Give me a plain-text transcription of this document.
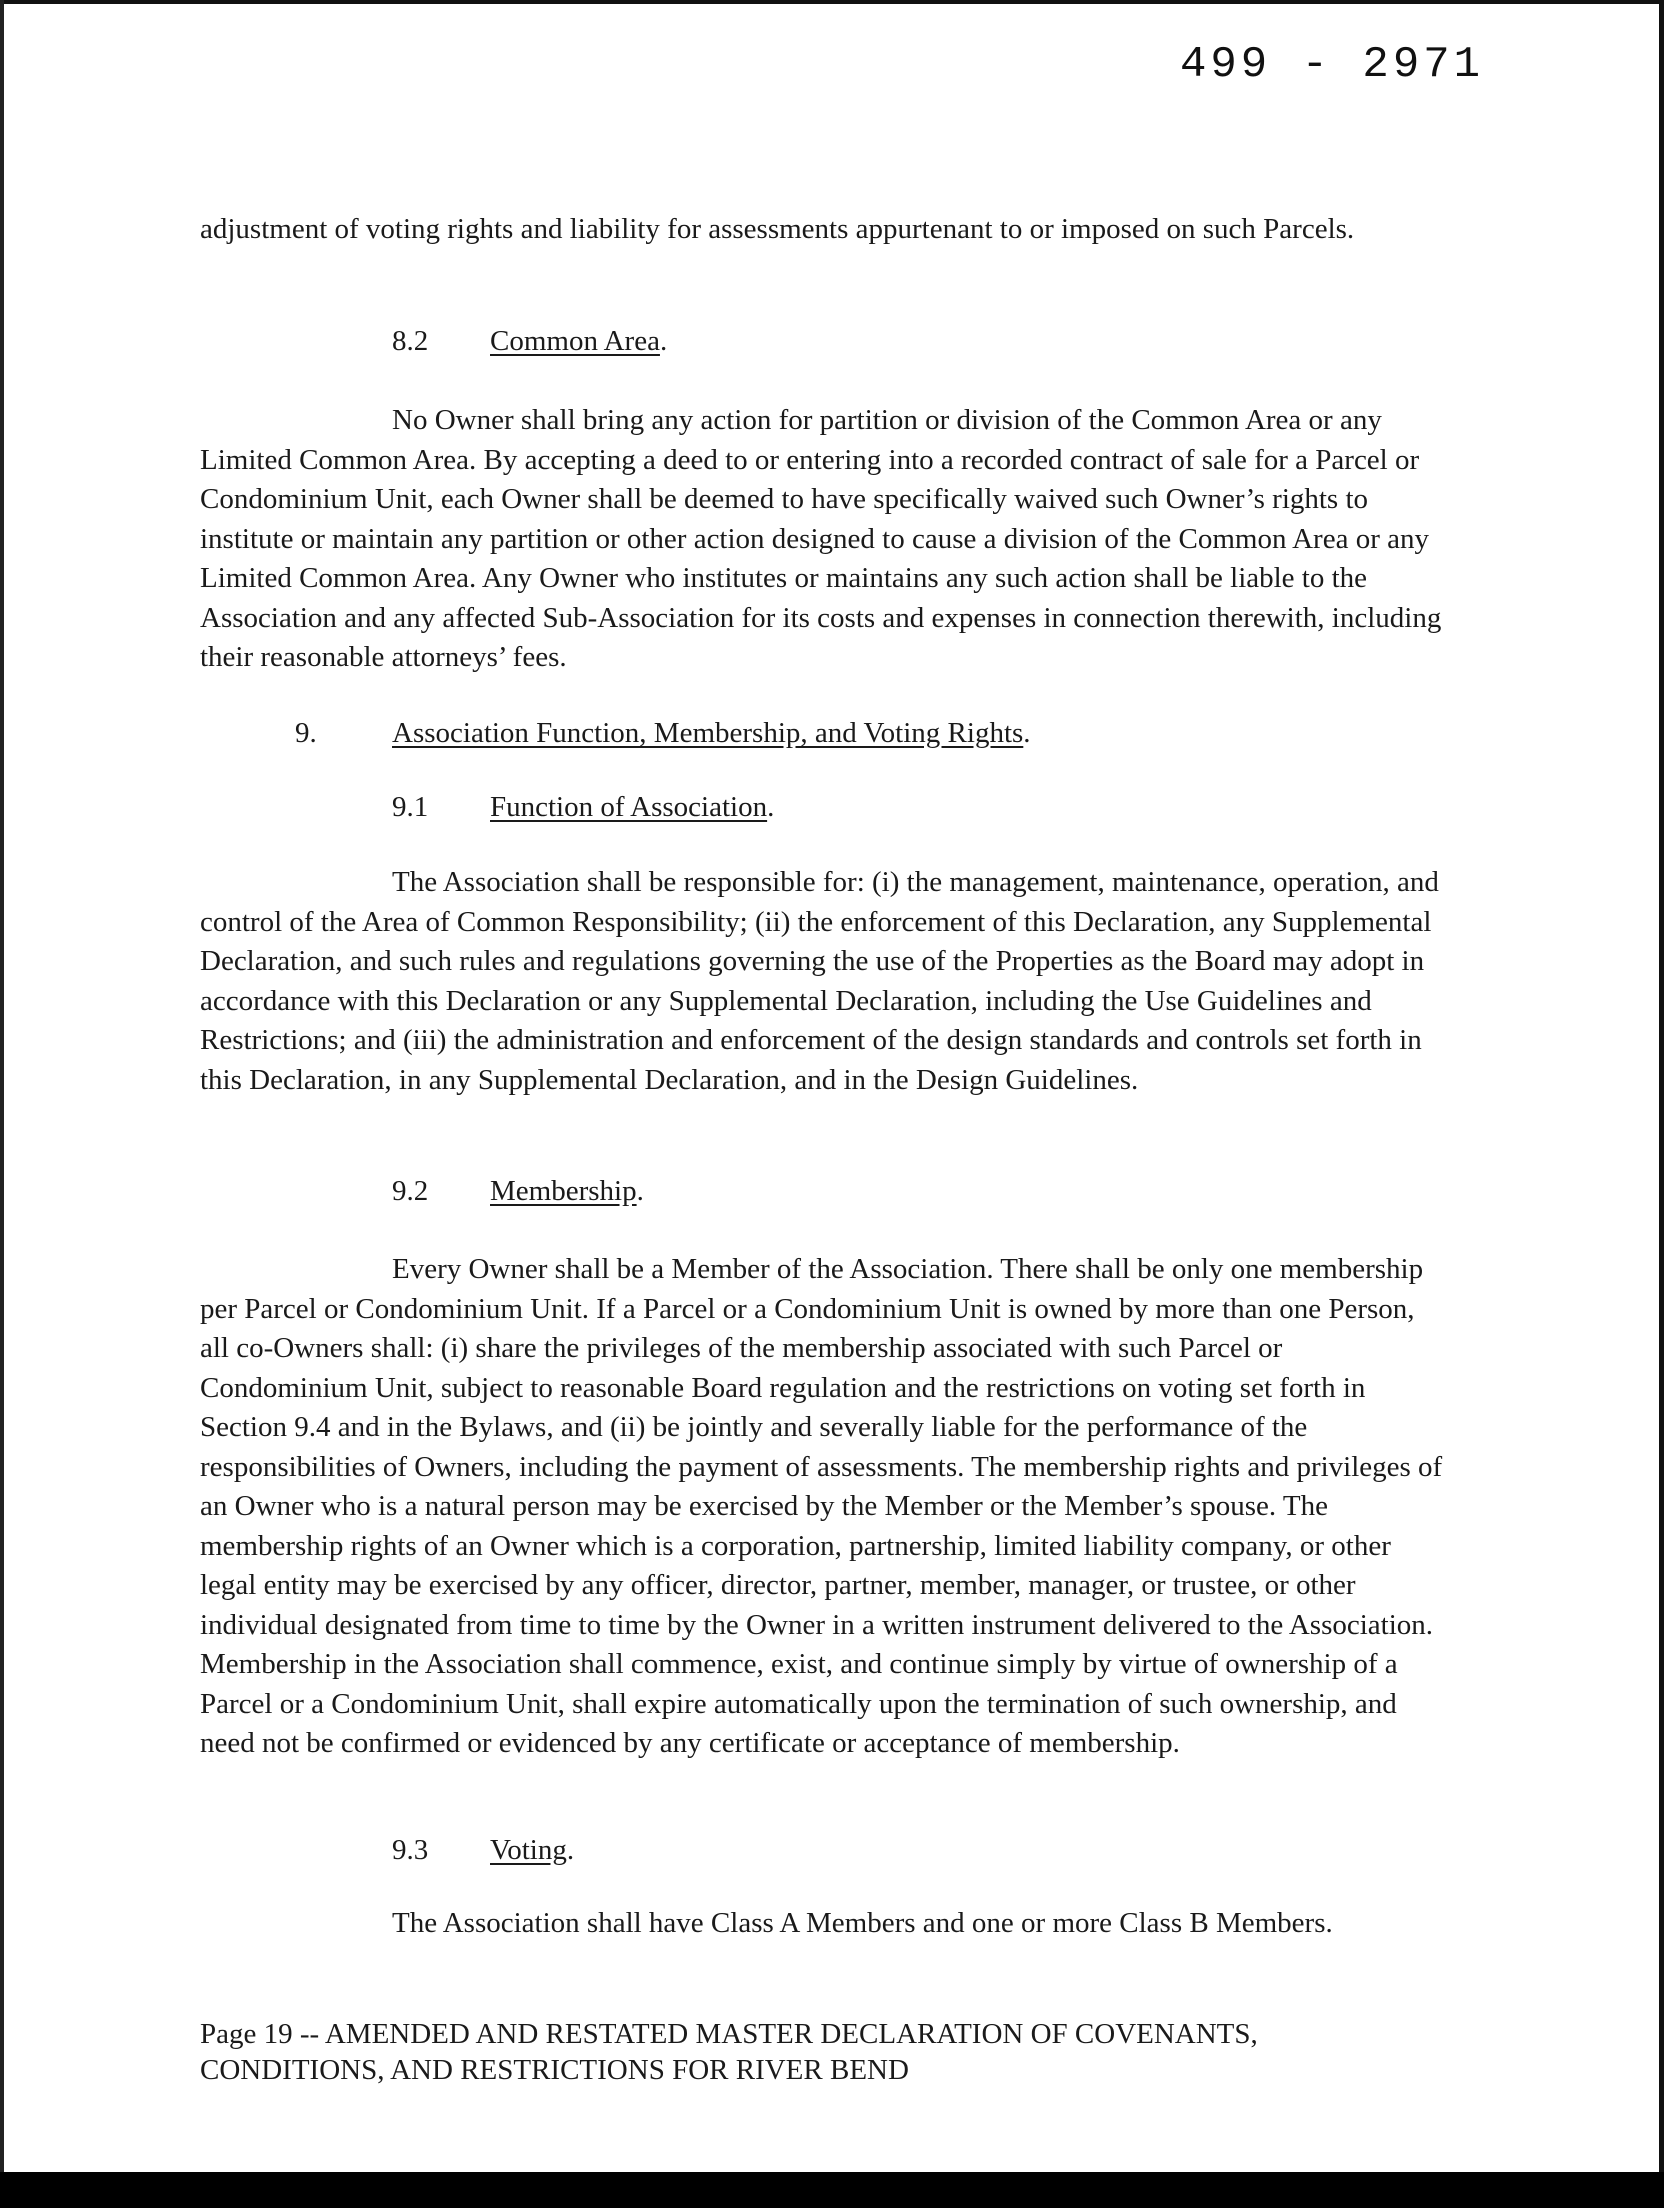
499 - 2971
adjustment of voting rights and liability for assessments appurtenant to or imposed on such Parcels.
8.2 Common Area.
No Owner shall bring any action for partition or division of the Common Area or any Limited Common Area. By accepting a deed to or entering into a recorded contract of sale for a Parcel or Condominium Unit, each Owner shall be deemed to have specifically waived such Owner’s rights to institute or maintain any partition or other action designed to cause a division of the Common Area or any Limited Common Area. Any Owner who institutes or maintains any such action shall be liable to the Association and any affected Sub-Association for its costs and expenses in connection therewith, including their reasonable attorneys’ fees.
9.	Association Function, Membership, and Voting Rights.
9.1 Function of Association.
The Association shall be responsible for: (i) the management, maintenance, operation, and control of the Area of Common Responsibility; (ii) the enforcement of this Declaration, any Supplemental Declaration, and such rules and regulations governing the use of the Properties as the Board may adopt in accordance with this Declaration or any Supplemental Declaration, including the Use Guidelines and Restrictions; and (iii) the administration and enforcement of the design standards and controls set forth in this Declaration, in any Supplemental Declaration, and in the Design Guidelines.
9.2 Membership.
Every Owner shall be a Member of the Association. There shall be only one membership per Parcel or Condominium Unit. If a Parcel or a Condominium Unit is owned by more than one Person, all co-Owners shall: (i) share the privileges of the membership associated with such Parcel or Condominium Unit, subject to reasonable Board regulation and the restrictions on voting set forth in Section 9.4 and in the Bylaws, and (ii) be jointly and severally liable for the performance of the responsibilities of Owners, including the payment of assessments. The membership rights and privileges of an Owner who is a natural person may be exercised by the Member or the Member’s spouse. The membership rights of an Owner which is a corporation, partnership, limited liability company, or other legal entity may be exercised by any officer, director, partner, member, manager, or trustee, or other individual designated from time to time by the Owner in a written instrument delivered to the Association. Membership in the Association shall commence, exist, and continue simply by virtue of ownership of a Parcel or a Condominium Unit, shall expire automatically upon the termination of such ownership, and need not be confirmed or evidenced by any certificate or acceptance of membership.
9.3 Voting.
The Association shall have Class A Members and one or more Class B Members.
Page 19 -- AMENDED AND RESTATED MASTER DECLARATION OF COVENANTS,
CONDITIONS, AND RESTRICTIONS FOR RIVER BEND
